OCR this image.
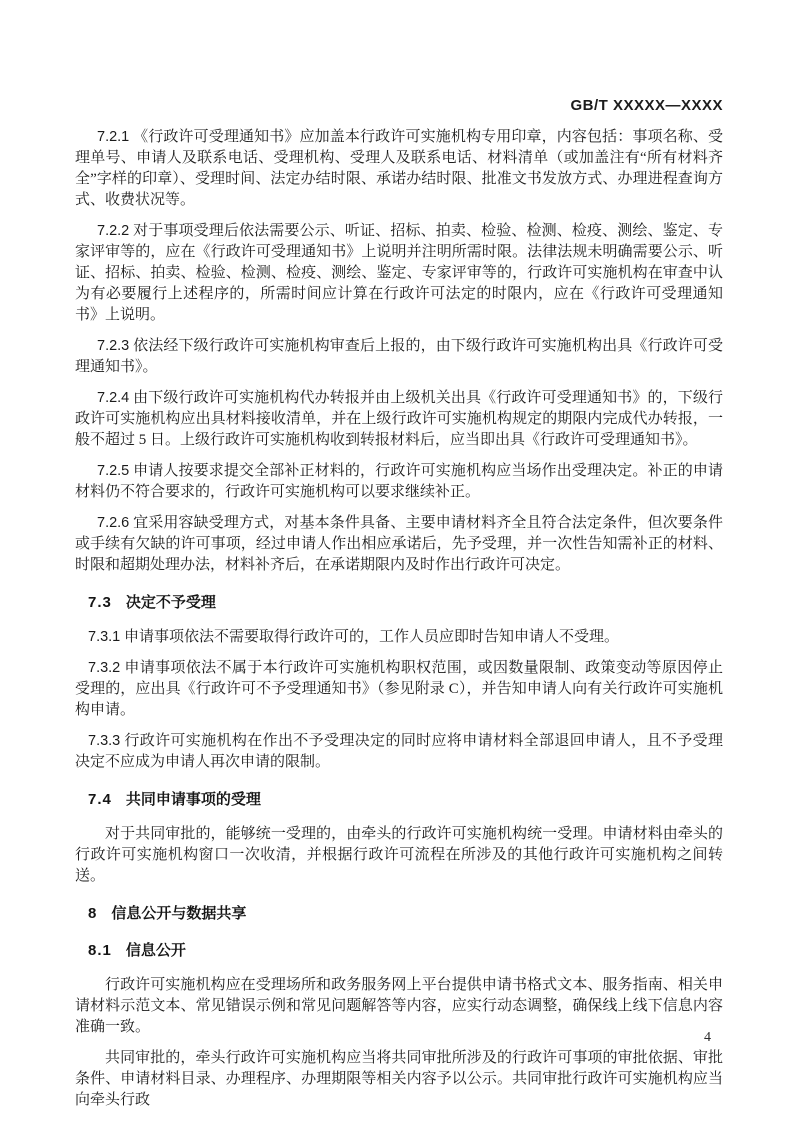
GB/T XXXXX—XXXX

7.2.1 《行政许可受理通知书》应加盖本行政许可实施机构专用印章，内容包括：事项名称、受理单号、申请人及联系电话、受理机构、受理人及联系电话、材料清单（或加盖注有“所有材料齐全”字样的印章）、受理时间、法定办结时限、承诺办结时限、批准文书发放方式、办理进程查询方式、收费状况等。

7.2.2 对于事项受理后依法需要公示、听证、招标、拍卖、检验、检测、检疫、测绘、鉴定、专家评审等的，应在《行政许可受理通知书》上说明并注明所需时限。法律法规未明确需要公示、听证、招标、拍卖、检验、检测、检疫、测绘、鉴定、专家评审等的，行政许可实施机构在审查中认为有必要履行上述程序的，所需时间应计算在行政许可法定的时限内，应在《行政许可受理通知书》上说明。

7.2.3 依法经下级行政许可实施机构审查后上报的，由下级行政许可实施机构出具《行政许可受理通知书》。

7.2.4 由下级行政许可实施机构代办转报并由上级机关出具《行政许可受理通知书》的，下级行政许可实施机构应出具材料接收清单，并在上级行政许可实施机构规定的期限内完成代办转报，一般不超过 5 日。上级行政许可实施机构收到转报材料后，应当即出具《行政许可受理通知书》。

7.2.5 申请人按要求提交全部补正材料的，行政许可实施机构应当场作出受理决定。补正的申请材料仍不符合要求的，行政许可实施机构可以要求继续补正。

7.2.6 宜采用容缺受理方式，对基本条件具备、主要申请材料齐全且符合法定条件，但次要条件或手续有欠缺的许可事项，经过申请人作出相应承诺后，先予受理，并一次性告知需补正的材料、时限和超期处理办法，材料补齐后，在承诺期限内及时作出行政许可决定。

7.3 决定不予受理

7.3.1 申请事项依法不需要取得行政许可的，工作人员应即时告知申请人不受理。

7.3.2 申请事项依法不属于本行政许可实施机构职权范围，或因数量限制、政策变动等原因停止受理的，应出具《行政许可不予受理通知书》（参见附录 C），并告知申请人向有关行政许可实施机构申请。

7.3.3 行政许可实施机构在作出不予受理决定的同时应将申请材料全部退回申请人，且不予受理决定不应成为申请人再次申请的限制。

7.4 共同申请事项的受理

对于共同审批的，能够统一受理的，由牵头的行政许可实施机构统一受理。申请材料由牵头的行政许可实施机构窗口一次收清，并根据行政许可流程在所涉及的其他行政许可实施机构之间转送。

8 信息公开与数据共享
8.1 信息公开

行政许可实施机构应在受理场所和政务服务网上平台提供申请书格式文本、服务指南、相关申请材料示范文本、常见错误示例和常见问题解答等内容，应实行动态调整，确保线上线下信息内容准确一致。

共同审批的，牵头行政许可实施机构应当将共同审批所涉及的行政许可事项的审批依据、审批条件、申请材料目录、办理程序、办理期限等相关内容予以公示。共同审批行政许可实施机构应当向牵头行政

4
